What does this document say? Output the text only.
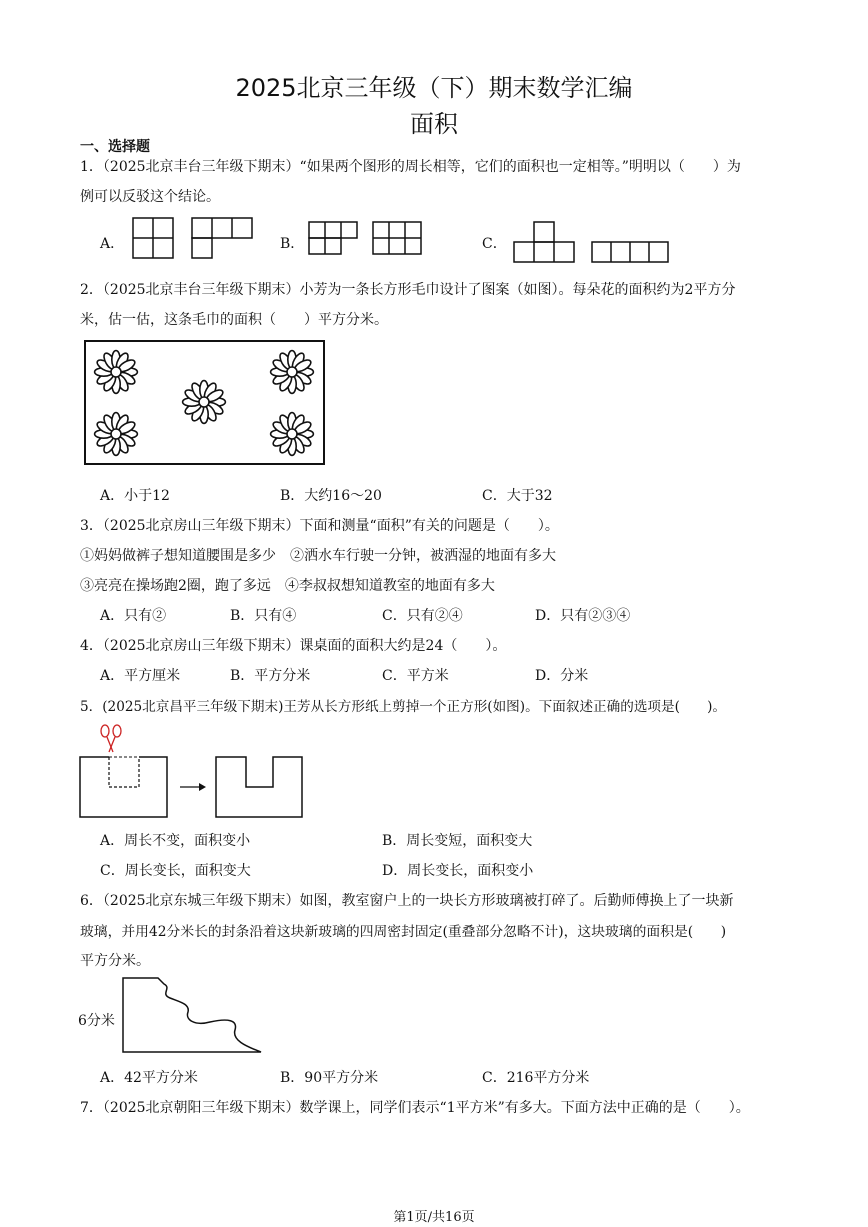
2025北京三年级（下）期末数学汇编
面积
一、选择题
1．（2025北京丰台三年级下期末）“如果两个图形的周长相等，它们的面积也一定相等。”明明以（　　）为
例可以反驳这个结论。
A．	B．	C．
2．（2025北京丰台三年级下期末）小芳为一条长方形毛巾设计了图案（如图）。每朵花的面积约为2平方分
米，估一估，这条毛巾的面积（　　）平方分米。
A．小于12	B．大约16～20	C．大于32
3．（2025北京房山三年级下期末）下面和测量“面积”有关的问题是（　　）。
①妈妈做裤子想知道腰围是多少　②洒水车行驶一分钟，被洒湿的地面有多大
③亮亮在操场跑2圈，跑了多远　④李叔叔想知道教室的地面有多大
A．只有②	B．只有④	C．只有②④	D．只有②③④
4．（2025北京房山三年级下期末）课桌面的面积大约是24（　　）。
A．平方厘米	B．平方分米	C．平方米	D．分米
5．(2025北京昌平三年级下期末)王芳从长方形纸上剪掉一个正方形(如图)。下面叙述正确的选项是(　　)。
A．周长不变，面积变小	B．周长变短，面积变大
C．周长变长，面积变大	D．周长变长，面积变小
6．（2025北京东城三年级下期末）如图，教室窗户上的一块长方形玻璃被打碎了。后勤师傅换上了一块新
玻璃，并用42分米长的封条沿着这块新玻璃的四周密封固定(重叠部分忽略不计)，这块玻璃的面积是(　　)
平方分米。
6分米
A．42平方分米	B．90平方分米	C．216平方分米
7．（2025北京朝阳三年级下期末）数学课上，同学们表示“1平方米”有多大。下面方法中正确的是（　　）。
第1页/共16页
